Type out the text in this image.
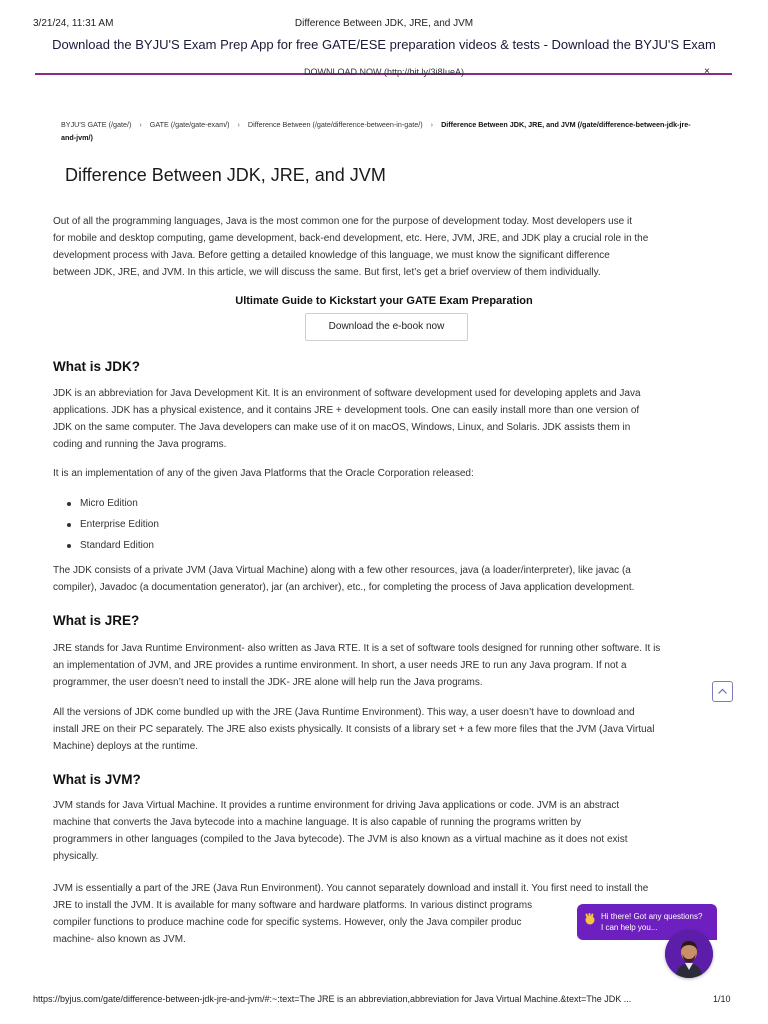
3/21/24, 11:31 AM	Difference Between JDK, JRE, and JVM
Download the BYJU'S Exam Prep App for free GATE/ESE preparation videos & tests - Download the BYJU'S Exam
DOWNLOAD NOW (http://bit.ly/3i8IueA)	×
BYJU'S GATE (/gate/) › GATE (/gate/gate-exam/) › Difference Between (/gate/difference-between-in-gate/) › Difference Between JDK, JRE, and JVM (/gate/difference-between-jdk-jre-and-jvm/)
Difference Between JDK, JRE, and JVM
Out of all the programming languages, Java is the most common one for the purpose of development today. Most developers use it
for mobile and desktop computing, game development, back-end development, etc. Here, JVM, JRE, and JDK play a crucial role in the
development process with Java. Before getting a detailed knowledge of this language, we must know the significant difference
between JDK, JRE, and JVM. In this article, we will discuss the same. But first, let’s get a brief overview of them individually.
Ultimate Guide to Kickstart your GATE Exam Preparation
Download the e-book now
What is JDK?
JDK is an abbreviation for Java Development Kit. It is an environment of software development used for developing applets and Java
applications. JDK has a physical existence, and it contains JRE + development tools. One can easily install more than one version of
JDK on the same computer. The Java developers can make use of it on macOS, Windows, Linux, and Solaris. JDK assists them in
coding and running the Java programs.
It is an implementation of any of the given Java Platforms that the Oracle Corporation released:
Micro Edition
Enterprise Edition
Standard Edition
The JDK consists of a private JVM (Java Virtual Machine) along with a few other resources, java (a loader/interpreter), like javac (a
compiler), Javadoc (a documentation generator), jar (an archiver), etc., for completing the process of Java application development.
What is JRE?
JRE stands for Java Runtime Environment- also written as Java RTE. It is a set of software tools designed for running other software. It is
an implementation of JVM, and JRE provides a runtime environment. In short, a user needs JRE to run any Java program. If not a
programmer, the user doesn’t need to install the JDK- JRE alone will help run the Java programs.
All the versions of JDK come bundled up with the JRE (Java Runtime Environment). This way, a user doesn’t have to download and
install JRE on their PC separately. The JRE also exists physically. It consists of a library set + a few more files that the JVM (Java Virtual
Machine) deploys at the runtime.
What is JVM?
JVM stands for Java Virtual Machine. It provides a runtime environment for driving Java applications or code. JVM is an abstract
machine that converts the Java bytecode into a machine language. It is also capable of running the programs written by
programmers in other languages (compiled to the Java bytecode). The JVM is also known as a virtual machine as it does not exist
physically.
JVM is essentially a part of the JRE (Java Run Environment). You cannot separately download and install it. You first need to install the
JRE to install the JVM. It is available for many software and hardware platforms. In various distinct programs
compiler functions to produce machine code for specific systems. However, only the Java compiler produc
machine- also known as JVM.
Hi there! Got any questions?
I can help you...
https://byjus.com/gate/difference-between-jdk-jre-and-jvm/#:~:text=The JRE is an abbreviation,abbreviation for Java Virtual Machine.&text=The JDK ...	1/10
